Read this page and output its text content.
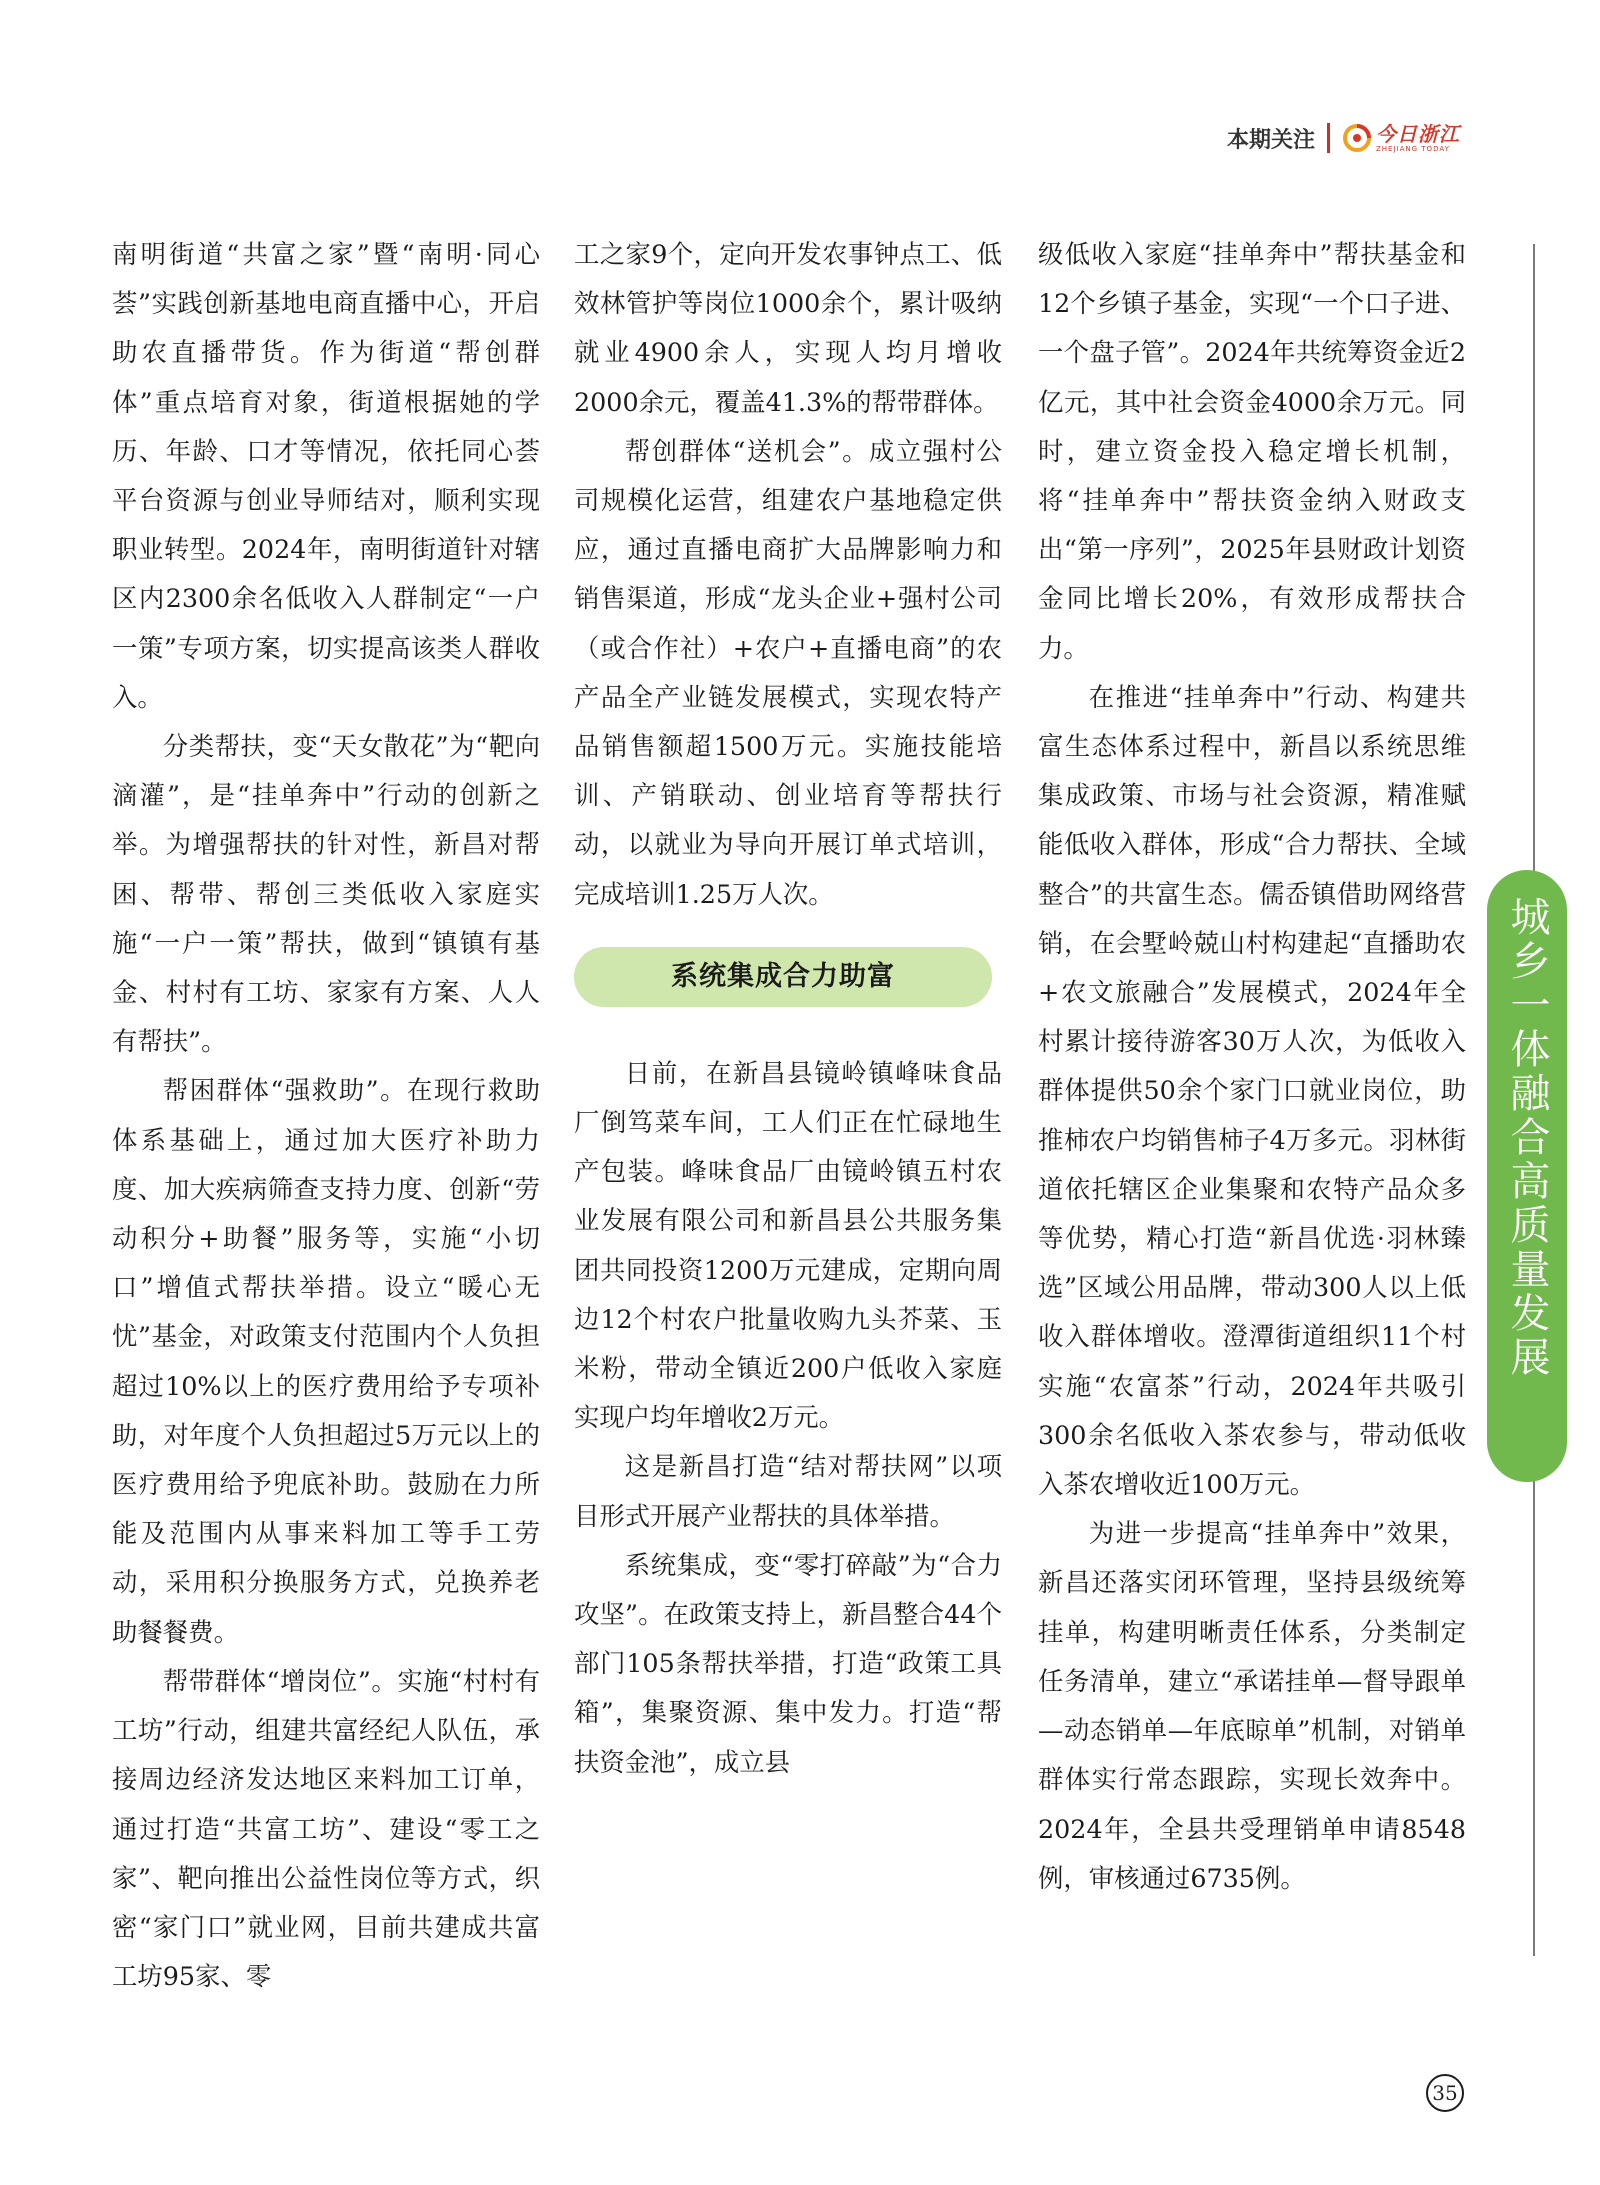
本期关注	今日浙江
ZHEJIANG TODAY

南明街道“共富之家”暨“南明·同心荟”实践创新基地电商直播中心，开启助农直播带货。作为街道“帮创群体”重点培育对象，街道根据她的学历、年龄、口才等情况，依托同心荟平台资源与创业导师结对，顺利实现职业转型。2024年，南明街道针对辖区内2300余名低收入人群制定“一户一策”专项方案，切实提高该类人群收入。

分类帮扶，变“天女散花”为“靶向滴灌”，是“挂单奔中”行动的创新之举。为增强帮扶的针对性，新昌对帮困、帮带、帮创三类低收入家庭实施“一户一策”帮扶，做到“镇镇有基金、村村有工坊、家家有方案、人人有帮扶”。

帮困群体“强救助”。在现行救助体系基础上，通过加大医疗补助力度、加大疾病筛查支持力度、创新“劳动积分+助餐”服务等，实施“小切口”增值式帮扶举措。设立“暖心无忧”基金，对政策支付范围内个人负担超过10%以上的医疗费用给予专项补助，对年度个人负担超过5万元以上的医疗费用给予兜底补助。鼓励在力所能及范围内从事来料加工等手工劳动，采用积分换服务方式，兑换养老助餐餐费。

帮带群体“增岗位”。实施“村村有工坊”行动，组建共富经纪人队伍，承接周边经济发达地区来料加工订单，通过打造“共富工坊”、建设“零工之家”、靶向推出公益性岗位等方式，织密“家门口”就业网，目前共建成共富工坊95家、零

工之家9个，定向开发农事钟点工、低效林管护等岗位1000余个，累计吸纳就业4900余人，实现人均月增收2000余元，覆盖41.3%的帮带群体。

帮创群体“送机会”。成立强村公司规模化运营，组建农户基地稳定供应，通过直播电商扩大品牌影响力和销售渠道，形成“龙头企业+强村公司（或合作社）+农户+直播电商”的农产品全产业链发展模式，实现农特产品销售额超1500万元。实施技能培训、产销联动、创业培育等帮扶行动，以就业为导向开展订单式培训，完成培训1.25万人次。

系统集成合力助富

日前，在新昌县镜岭镇峰味食品厂倒笃菜车间，工人们正在忙碌地生产包装。峰味食品厂由镜岭镇五村农业发展有限公司和新昌县公共服务集团共同投资1200万元建成，定期向周边12个村农户批量收购九头芥菜、玉米粉，带动全镇近200户低收入家庭实现户均年增收2万元。

这是新昌打造“结对帮扶网”以项目形式开展产业帮扶的具体举措。

系统集成，变“零打碎敲”为“合力攻坚”。在政策支持上，新昌整合44个部门105条帮扶举措，打造“政策工具箱”，集聚资源、集中发力。打造“帮扶资金池”，成立县

级低收入家庭“挂单奔中”帮扶基金和12个乡镇子基金，实现“一个口子进、一个盘子管”。2024年共统筹资金近2亿元，其中社会资金4000余万元。同时，建立资金投入稳定增长机制，将“挂单奔中”帮扶资金纳入财政支出“第一序列”，2025年县财政计划资金同比增长20%，有效形成帮扶合力。

在推进“挂单奔中”行动、构建共富生态体系过程中，新昌以系统思维集成政策、市场与社会资源，精准赋能低收入群体，形成“合力帮扶、全域整合”的共富生态。儒岙镇借助网络营销，在会墅岭兢山村构建起“直播助农+农文旅融合”发展模式，2024年全村累计接待游客30万人次，为低收入群体提供50余个家门口就业岗位，助推柿农户均销售柿子4万多元。羽林街道依托辖区企业集聚和农特产品众多等优势，精心打造“新昌优选·羽林臻选”区域公用品牌，带动300人以上低收入群体增收。澄潭街道组织11个村实施“农富茶”行动，2024年共吸引300余名低收入茶农参与，带动低收入茶农增收近100万元。

为进一步提高“挂单奔中”效果，新昌还落实闭环管理，坚持县级统筹挂单，构建明晰责任体系，分类制定任务清单，建立“承诺挂单—督导跟单—动态销单—年底晾单”机制，对销单群体实行常态跟踪，实现长效奔中。2024年，全县共受理销单申请8548例，审核通过6735例。

城乡一体融合高质量发展
35
